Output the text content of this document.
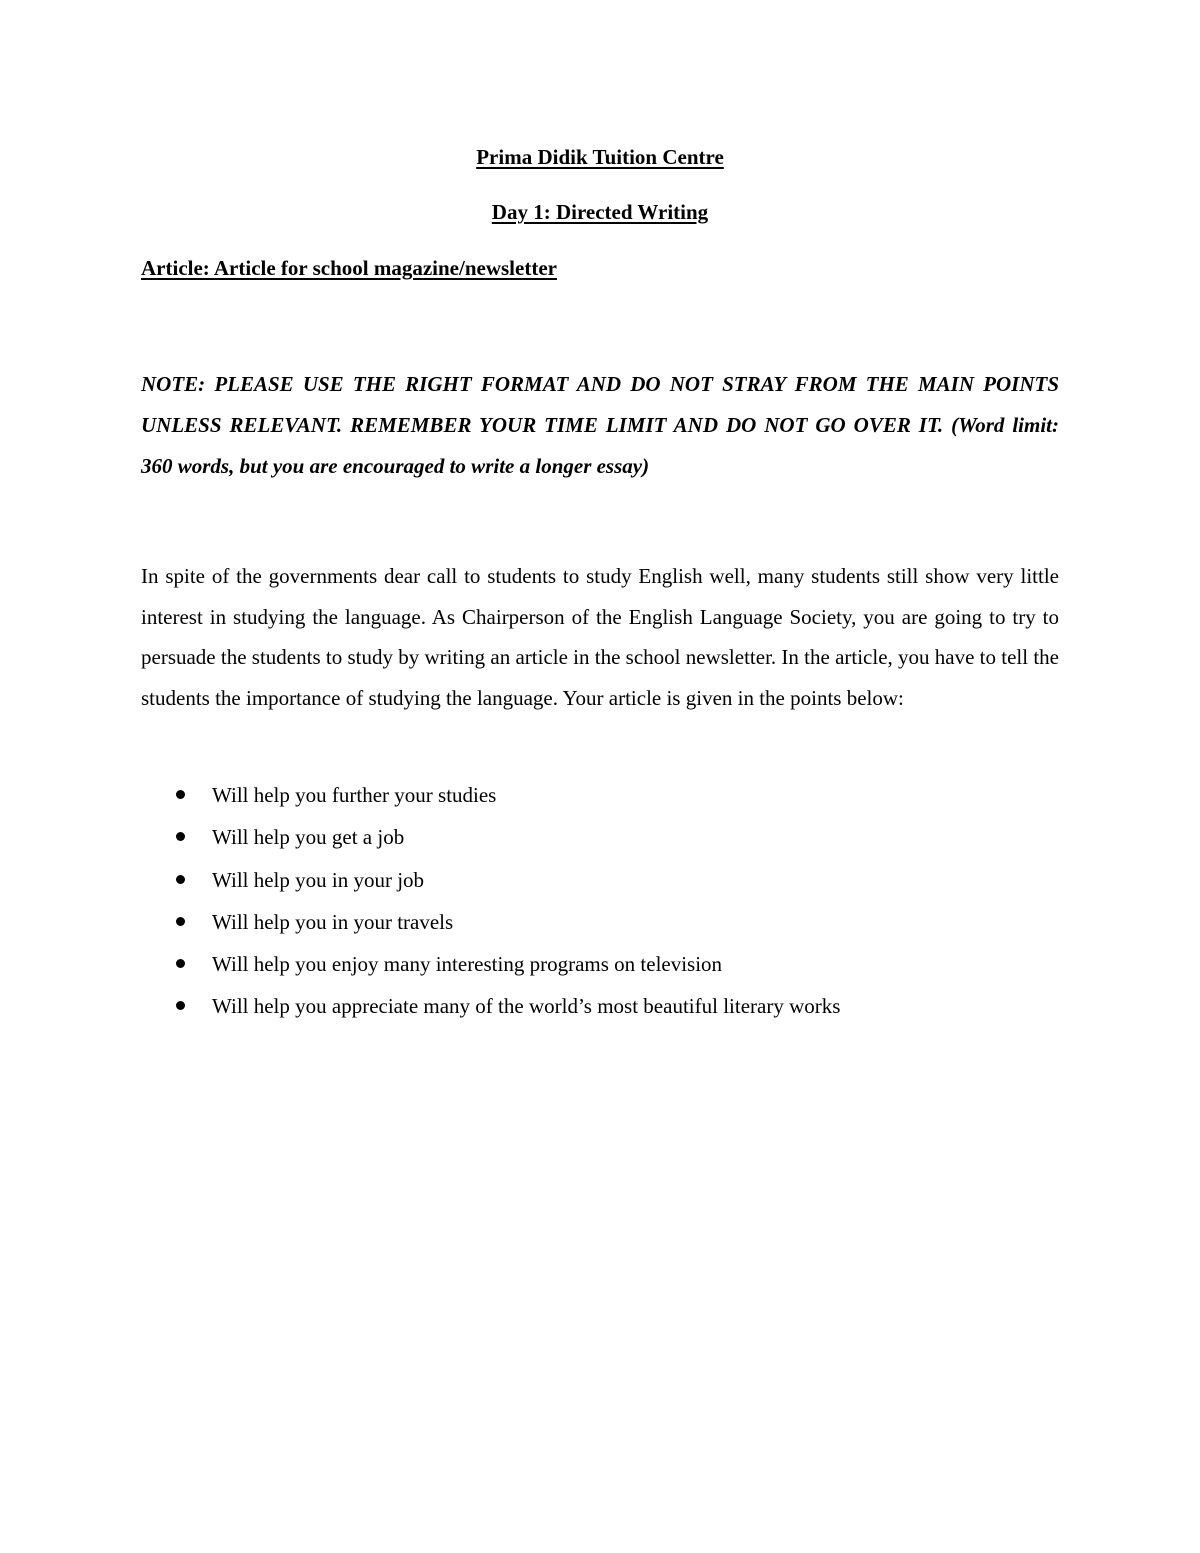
Prima Didik Tuition Centre
Day 1: Directed Writing
Article: Article for school magazine/newsletter
NOTE: PLEASE USE THE RIGHT FORMAT AND DO NOT STRAY FROM THE MAIN POINTS UNLESS RELEVANT. REMEMBER YOUR TIME LIMIT AND DO NOT GO OVER IT. (Word limit: 360 words, but you are encouraged to write a longer essay)
In spite of the governments dear call to students to study English well, many students still show very little interest in studying the language. As Chairperson of the English Language Society, you are going to try to persuade the students to study by writing an article in the school newsletter. In the article, you have to tell the students the importance of studying the language. Your article is given in the points below:
Will help you further your studies
Will help you get a job
Will help you in your job
Will help you in your travels
Will help you enjoy many interesting programs on television
Will help you appreciate many of the world’s most beautiful literary works
